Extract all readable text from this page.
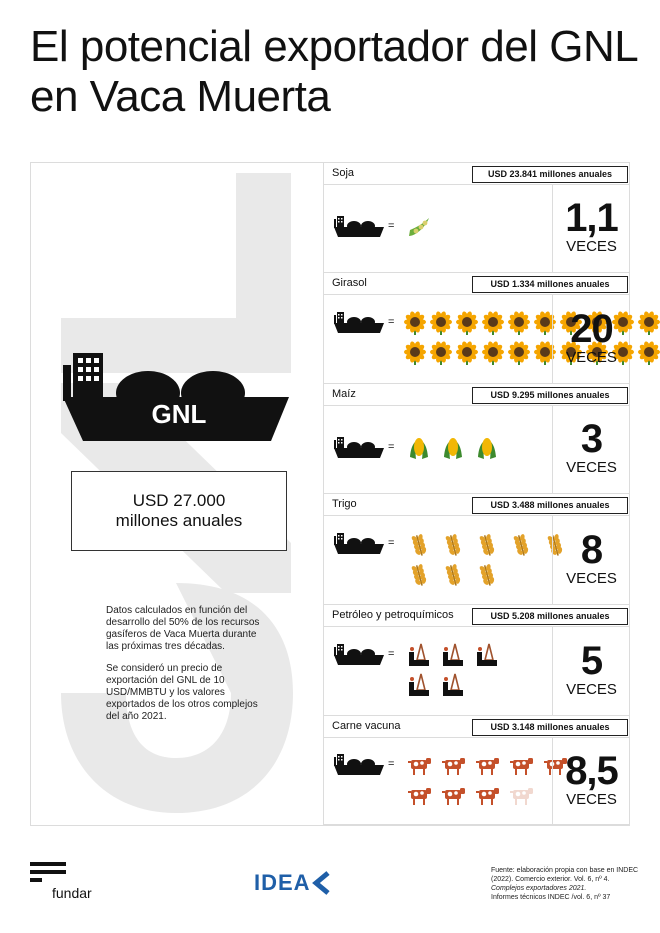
El potencial exportador del GNL en Vaca Muerta
GNL
USD 27.000
millones anuales

Datos calculados en función del desarrollo del 50% de los recursos gasíferos de Vaca Muerta durante las próximas tres décadas.

Se consideró un precio de exportación del GNL de 10 USD/MMBTU y los valores exportados de los otros complejos del año 2021.

Soja	USD 23.841 millones anuales
=	1,1
VECES
Girasol	USD 1.334 millones anuales
=	20
VECES
Maíz	USD 9.295 millones anuales
=	3
VECES
Trigo	USD 3.488 millones anuales
=	8
VECES
Petróleo y petroquímicos	USD 5.208 millones anuales
=	5
VECES
Carne vacuna	USD 3.148 millones anuales
=	8,5
VECES
fundar	IDEA	Fuente: elaboración propia con base en INDEC (2022). Comercio exterior. Vol. 6, nº 4.
Complejos exportadores 2021.
Informes técnicos INDEC /vol. 6, nº 37
